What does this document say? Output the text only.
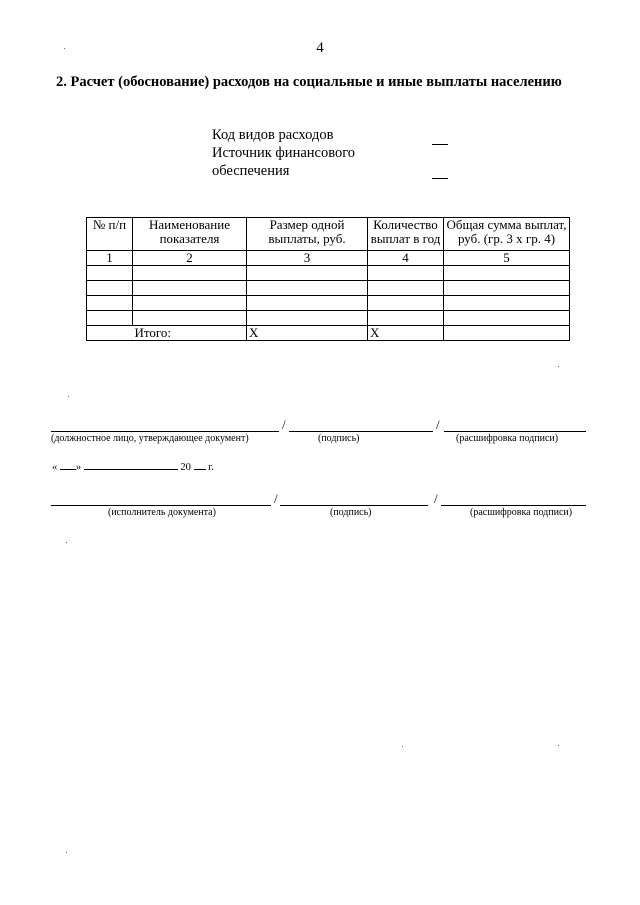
4
2. Расчет (обоснование) расходов на социальные и иные выплаты населению
Код видов расходов
Источник финансового
обеспечения
№ п/п	Наименование показателя	Размер одной выплаты, руб.	Количество выплат в год	Общая сумма выплат, руб. (гр. 3 х гр. 4)
1	2	3	4	5

	Итого:	X	X	
/	/
(должностное лицо, утверждающее документ)	(подпись)	(расшифровка подписи)
« »	20 г.
/	/
(исполнитель документа)	(подпись)	(расшифровка подписи)
